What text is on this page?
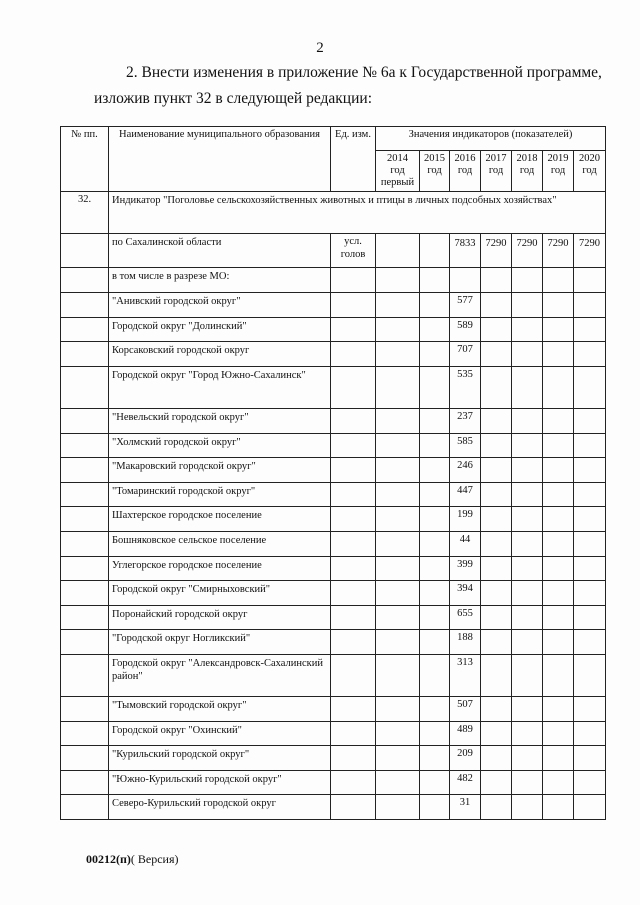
2
2. Внести изменения в приложение № 6а к Государственной программе,
изложив пункт 32 в следующей редакции:
№ пп.	Наименование муниципального образования	Ед. изм.	Значения индикаторов (показателей)						
			2014 год первый	2015 год	2016 год	2017 год	2018 год	2019 год	2020 год
32.	Индикатор "Поголовье сельскохозяйственных животных и птицы в личных подсобных хозяйствах"								
	по Сахалинской области	усл. голов			7833	7290	7290	7290	7290
	в том числе в разрезе МО:								
	"Анивский городской округ"				577				
	Городской округ "Долинский"				589				
	Корсаковский городской округ				707				
	Городской округ "Город Южно-Сахалинск"				535				
	"Невельский городской округ"				237				
	"Холмский городской округ"				585				
	"Макаровский городской округ"				246				
	"Томаринский городской округ"				447				
	Шахтерское городское поселение				199				
	Бошняковское сельское поселение				44				
	Углегорское городское поселение				399				
	Городской округ "Смирныховский"				394				
	Поронайский городской округ				655				
	"Городской округ Ногликский"				188				
	Городской округ "Александровск-Сахалинский район"				313				
	"Тымовский городской округ"				507				
	Городской округ "Охинский"				489				
	"Курильский городской округ"				209				
	"Южно-Курильский городской округ"				482				
	Северо-Курильский городской округ				31				
00212(п)( Версия)
